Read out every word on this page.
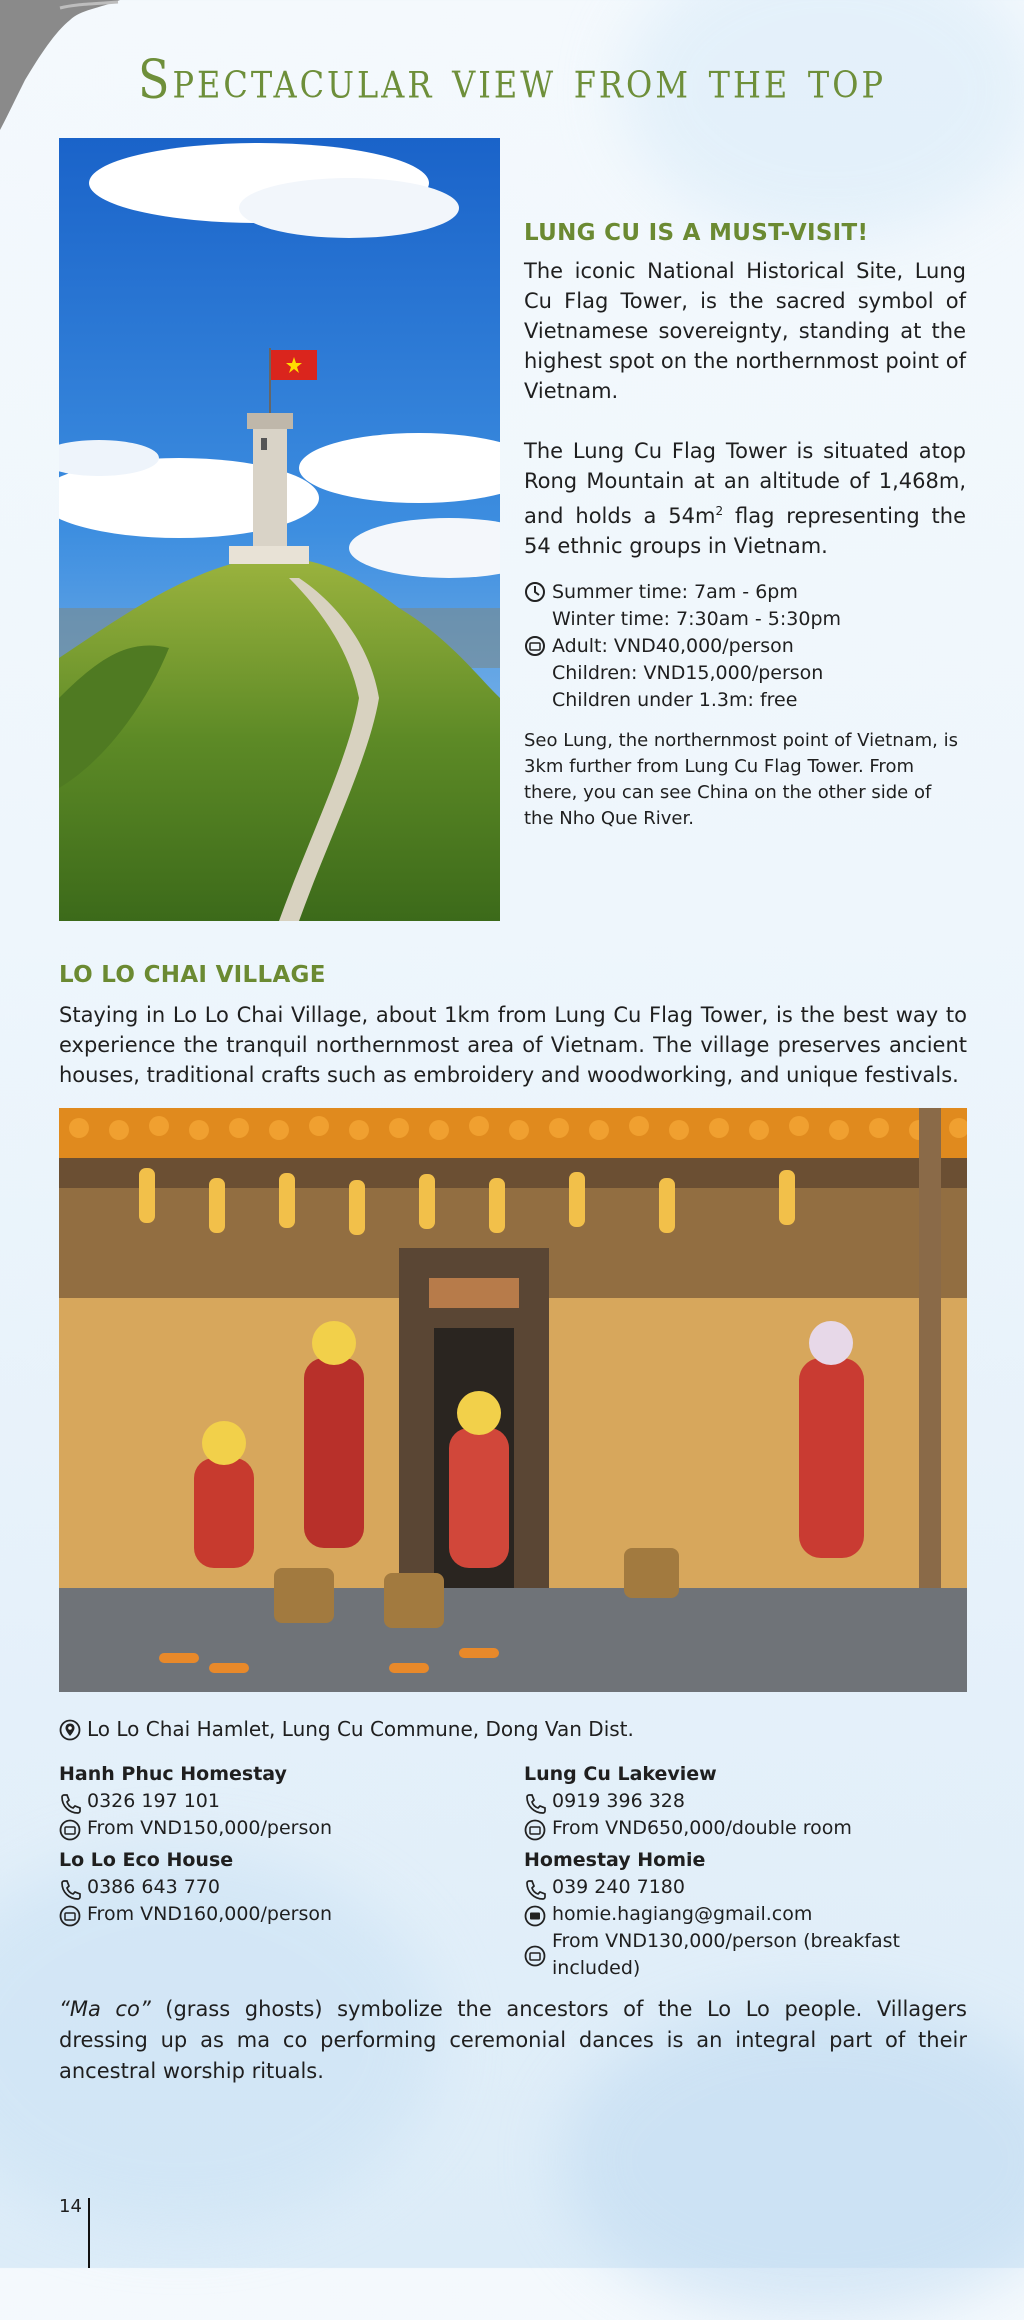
Spectacular view from the top
LUNG CU IS A MUST-VISIT!
The iconic National Historical Site, Lung Cu Flag Tower, is the sacred symbol of Vietnamese sovereignty, standing at the highest spot on the northernmost point of Vietnam.
The Lung Cu Flag Tower is situated atop Rong Mountain at an altitude of 1,468m, and holds a $54m^2$ flag representing the 54 ethnic groups in Vietnam.
Summer time: 7am - 6pm
Winter time: 7:30am - 5:30pm
Adult: VND40,000/person
Children: VND15,000/person
Children under 1.3m: free
Seo Lung, the northernmost point of Vietnam, is 3km further from Lung Cu Flag Tower. From there, you can see China on the other side of the Nho Que River.
LO LO CHAI VILLAGE
Staying in Lo Lo Chai Village, about 1km from Lung Cu Flag Tower, is the best way to experience the tranquil northernmost area of Vietnam. The village preserves ancient houses, traditional crafts such as embroidery and woodworking, and unique festivals.
Lo Lo Chai Hamlet, Lung Cu Commune, Dong Van Dist.
Hanh Phuc Homestay
0326 197 101
From VND150,000/person
Lo Lo Eco House
0386 643 770
From VND160,000/person
Lung Cu Lakeview
0919 396 328
From VND650,000/double room
Homestay Homie
039 240 7180
homie.hagiang@gmail.com
From VND130,000/person (breakfast included)
“Ma co” (grass ghosts) symbolize the ancestors of the Lo Lo people. Villagers dressing up as ma co performing ceremonial dances is an integral part of their ancestral worship rituals.
14
